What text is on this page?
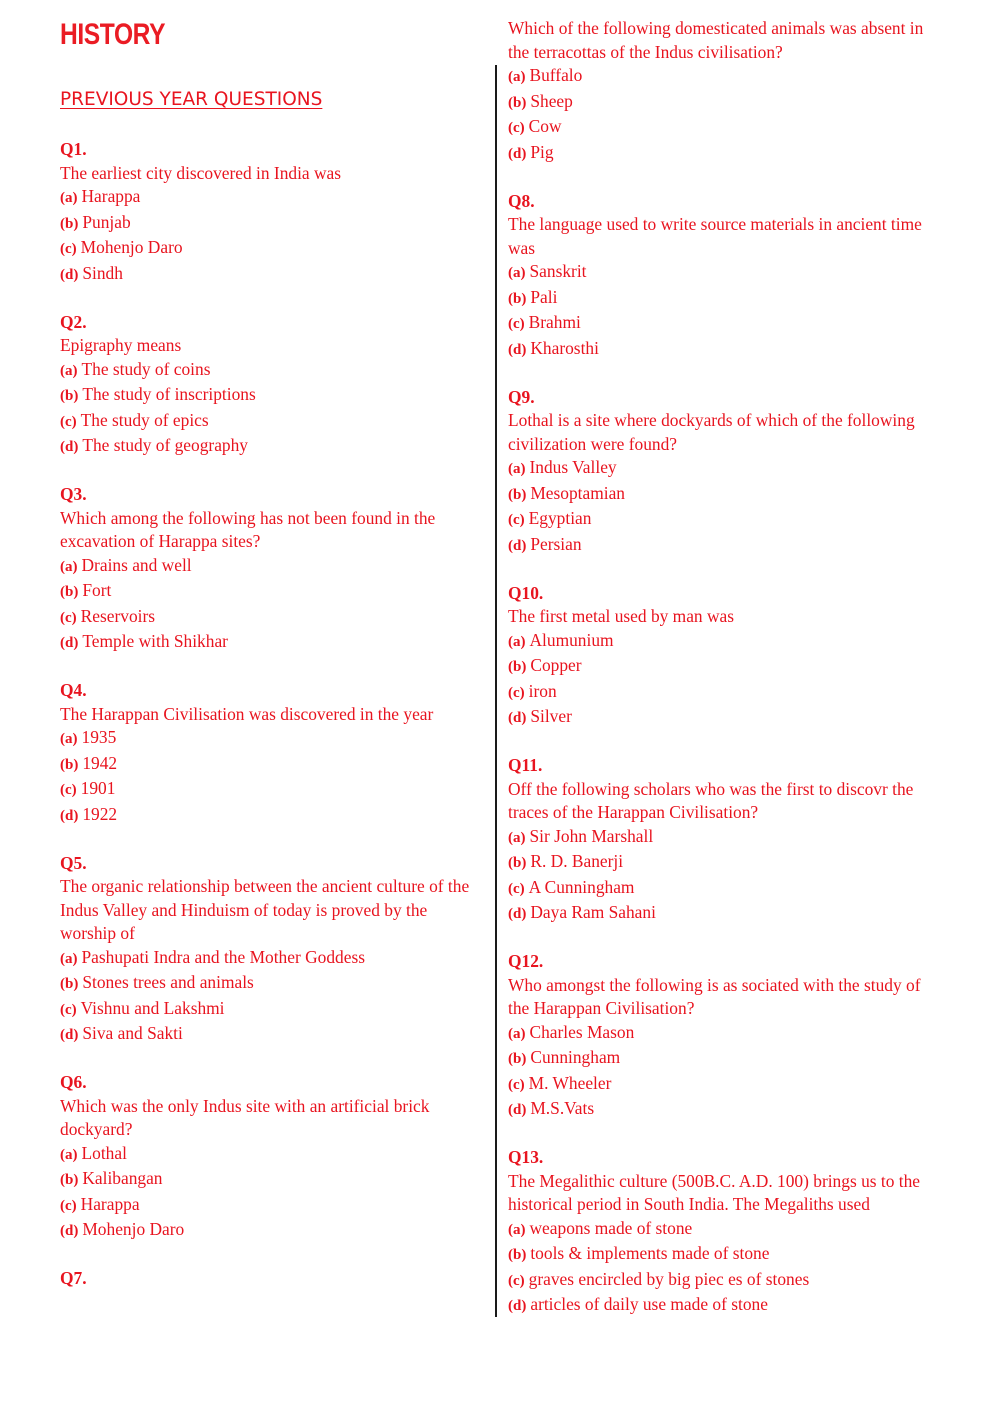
HISTORY
PREVIOUS YEAR QUESTIONS
Q1.
The earliest city discovered in India was
(a) Harappa
(b) Punjab
(c) Mohenjo Daro
(d) Sindh
Q2.
Epigraphy means
(a) The study of coins
(b) The study of inscriptions
(c) The study of epics
(d) The study of geography
Q3.
Which among the following has not been found in the excavation of Harappa sites?
(a) Drains and well
(b) Fort
(c) Reservoirs
(d) Temple with Shikhar
Q4.
The Harappan Civilisation was discovered in the year
(a) 1935
(b) 1942
(c) 1901
(d) 1922
Q5.
The organic relationship between the ancient culture of the Indus Valley and Hinduism of today is proved by the worship of
(a) Pashupati Indra and the Mother Goddess
(b) Stones trees and animals
(c) Vishnu and Lakshmi
(d) Siva and Sakti
Q6.
Which was the only Indus site with an artificial brick dockyard?
(a) Lothal
(b) Kalibangan
(c) Harappa
(d) Mohenjo Daro
Q7.
Which of the following domesticated animals was absent in the terracottas of the Indus civilisation?
(a) Buffalo
(b) Sheep
(c) Cow
(d) Pig
Q8.
The language used to write source materials in ancient time was
(a) Sanskrit
(b) Pali
(c) Brahmi
(d) Kharosthi
Q9.
Lothal is a site where dockyards of which of the following civilization were found?
(a) Indus Valley
(b) Mesoptamian
(c) Egyptian
(d) Persian
Q10.
The first metal used by man was
(a) Alumunium
(b) Copper
(c) iron
(d) Silver
Q11.
Off the following scholars who was the first to discovr the traces of the Harappan Civilisation?
(a) Sir John Marshall
(b) R. D. Banerji
(c) A Cunningham
(d) Daya Ram Sahani
Q12.
Who amongst the following is as sociated with the study of the Harappan Civilisation?
(a) Charles Mason
(b) Cunningham
(c) M. Wheeler
(d) M.S.Vats
Q13.
The Megalithic culture (500B.C. A.D. 100) brings us to the historical period in South India. The Megaliths used
(a) weapons made of stone
(b) tools & implements made of stone
(c) graves encircled by big piec es of stones
(d) articles of daily use made of stone
